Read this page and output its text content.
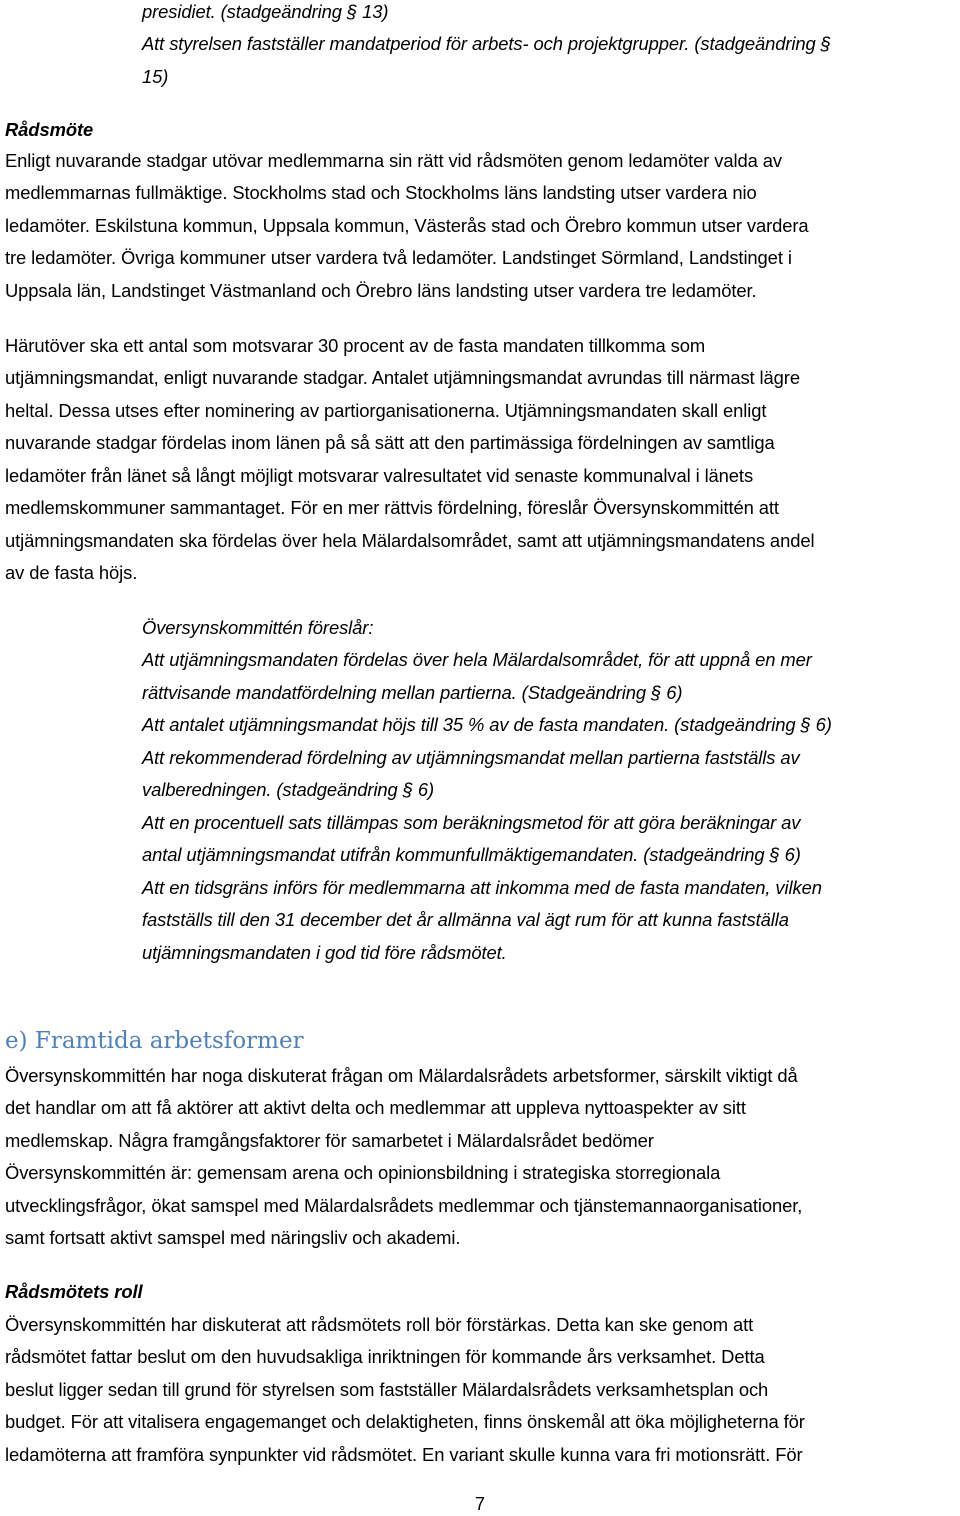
presidiet. (stadgeändring § 13)

Att styrelsen fastställer mandatperiod för arbets- och projektgrupper. (stadgeändring §

15)

Rådsmöte

Enligt nuvarande stadgar utövar medlemmarna sin rätt vid rådsmöten genom ledamöter valda av

medlemmarnas fullmäktige. Stockholms stad och Stockholms läns landsting utser vardera nio

ledamöter. Eskilstuna kommun, Uppsala kommun, Västerås stad och Örebro kommun utser vardera

tre ledamöter. Övriga kommuner utser vardera två ledamöter. Landstinget Sörmland, Landstinget i

Uppsala län, Landstinget Västmanland och Örebro läns landsting utser vardera tre ledamöter.

Härutöver ska ett antal som motsvarar 30 procent av de fasta mandaten tillkomma som

utjämningsmandat, enligt nuvarande stadgar. Antalet utjämningsmandat avrundas till närmast lägre

heltal. Dessa utses efter nominering av partiorganisationerna. Utjämningsmandaten skall enligt

nuvarande stadgar fördelas inom länen på så sätt att den partimässiga fördelningen av samtliga

ledamöter från länet så långt möjligt motsvarar valresultatet vid senaste kommunalval i länets

medlemskommuner sammantaget. För en mer rättvis fördelning, föreslår Översynskommittén att

utjämningsmandaten ska fördelas över hela Mälardalsområdet, samt att utjämningsmandatens andel

av de fasta höjs.

Översynskommittén föreslår:

Att utjämningsmandaten fördelas över hela Mälardalsområdet, för att uppnå en mer

rättvisande mandatfördelning mellan partierna. (Stadgeändring § 6)

Att antalet utjämningsmandat höjs till 35 % av de fasta mandaten. (stadgeändring § 6)

Att rekommenderad fördelning av utjämningsmandat mellan partierna fastställs av

valberedningen. (stadgeändring § 6)

Att en procentuell sats tillämpas som beräkningsmetod för att göra beräkningar av

antal utjämningsmandat utifrån kommunfullmäktigemandaten. (stadgeändring § 6)

Att en tidsgräns införs för medlemmarna att inkomma med de fasta mandaten, vilken

fastställs till den 31 december det år allmänna val ägt rum för att kunna fastställa

utjämningsmandaten i god tid före rådsmötet.

e) Framtida arbetsformer

Översynskommittén har noga diskuterat frågan om Mälardalsrådets arbetsformer, särskilt viktigt då

det handlar om att få aktörer att aktivt delta och medlemmar att uppleva nyttoaspekter av sitt

medlemskap. Några framgångsfaktorer för samarbetet i Mälardalsrådet bedömer

Översynskommittén är: gemensam arena och opinionsbildning i strategiska storregionala

utvecklingsfrågor, ökat samspel med Mälardalsrådets medlemmar och tjänstemannaorganisationer,

samt fortsatt aktivt samspel med näringsliv och akademi.

Rådsmötets roll

Översynskommittén har diskuterat att rådsmötets roll bör förstärkas. Detta kan ske genom att

rådsmötet fattar beslut om den huvudsakliga inriktningen för kommande års verksamhet. Detta

beslut ligger sedan till grund för styrelsen som fastställer Mälardalsrådets verksamhetsplan och

budget. För att vitalisera engagemanget och delaktigheten, finns önskemål att öka möjligheterna för

ledamöterna att framföra synpunkter vid rådsmötet. En variant skulle kunna vara fri motionsrätt. För

7
